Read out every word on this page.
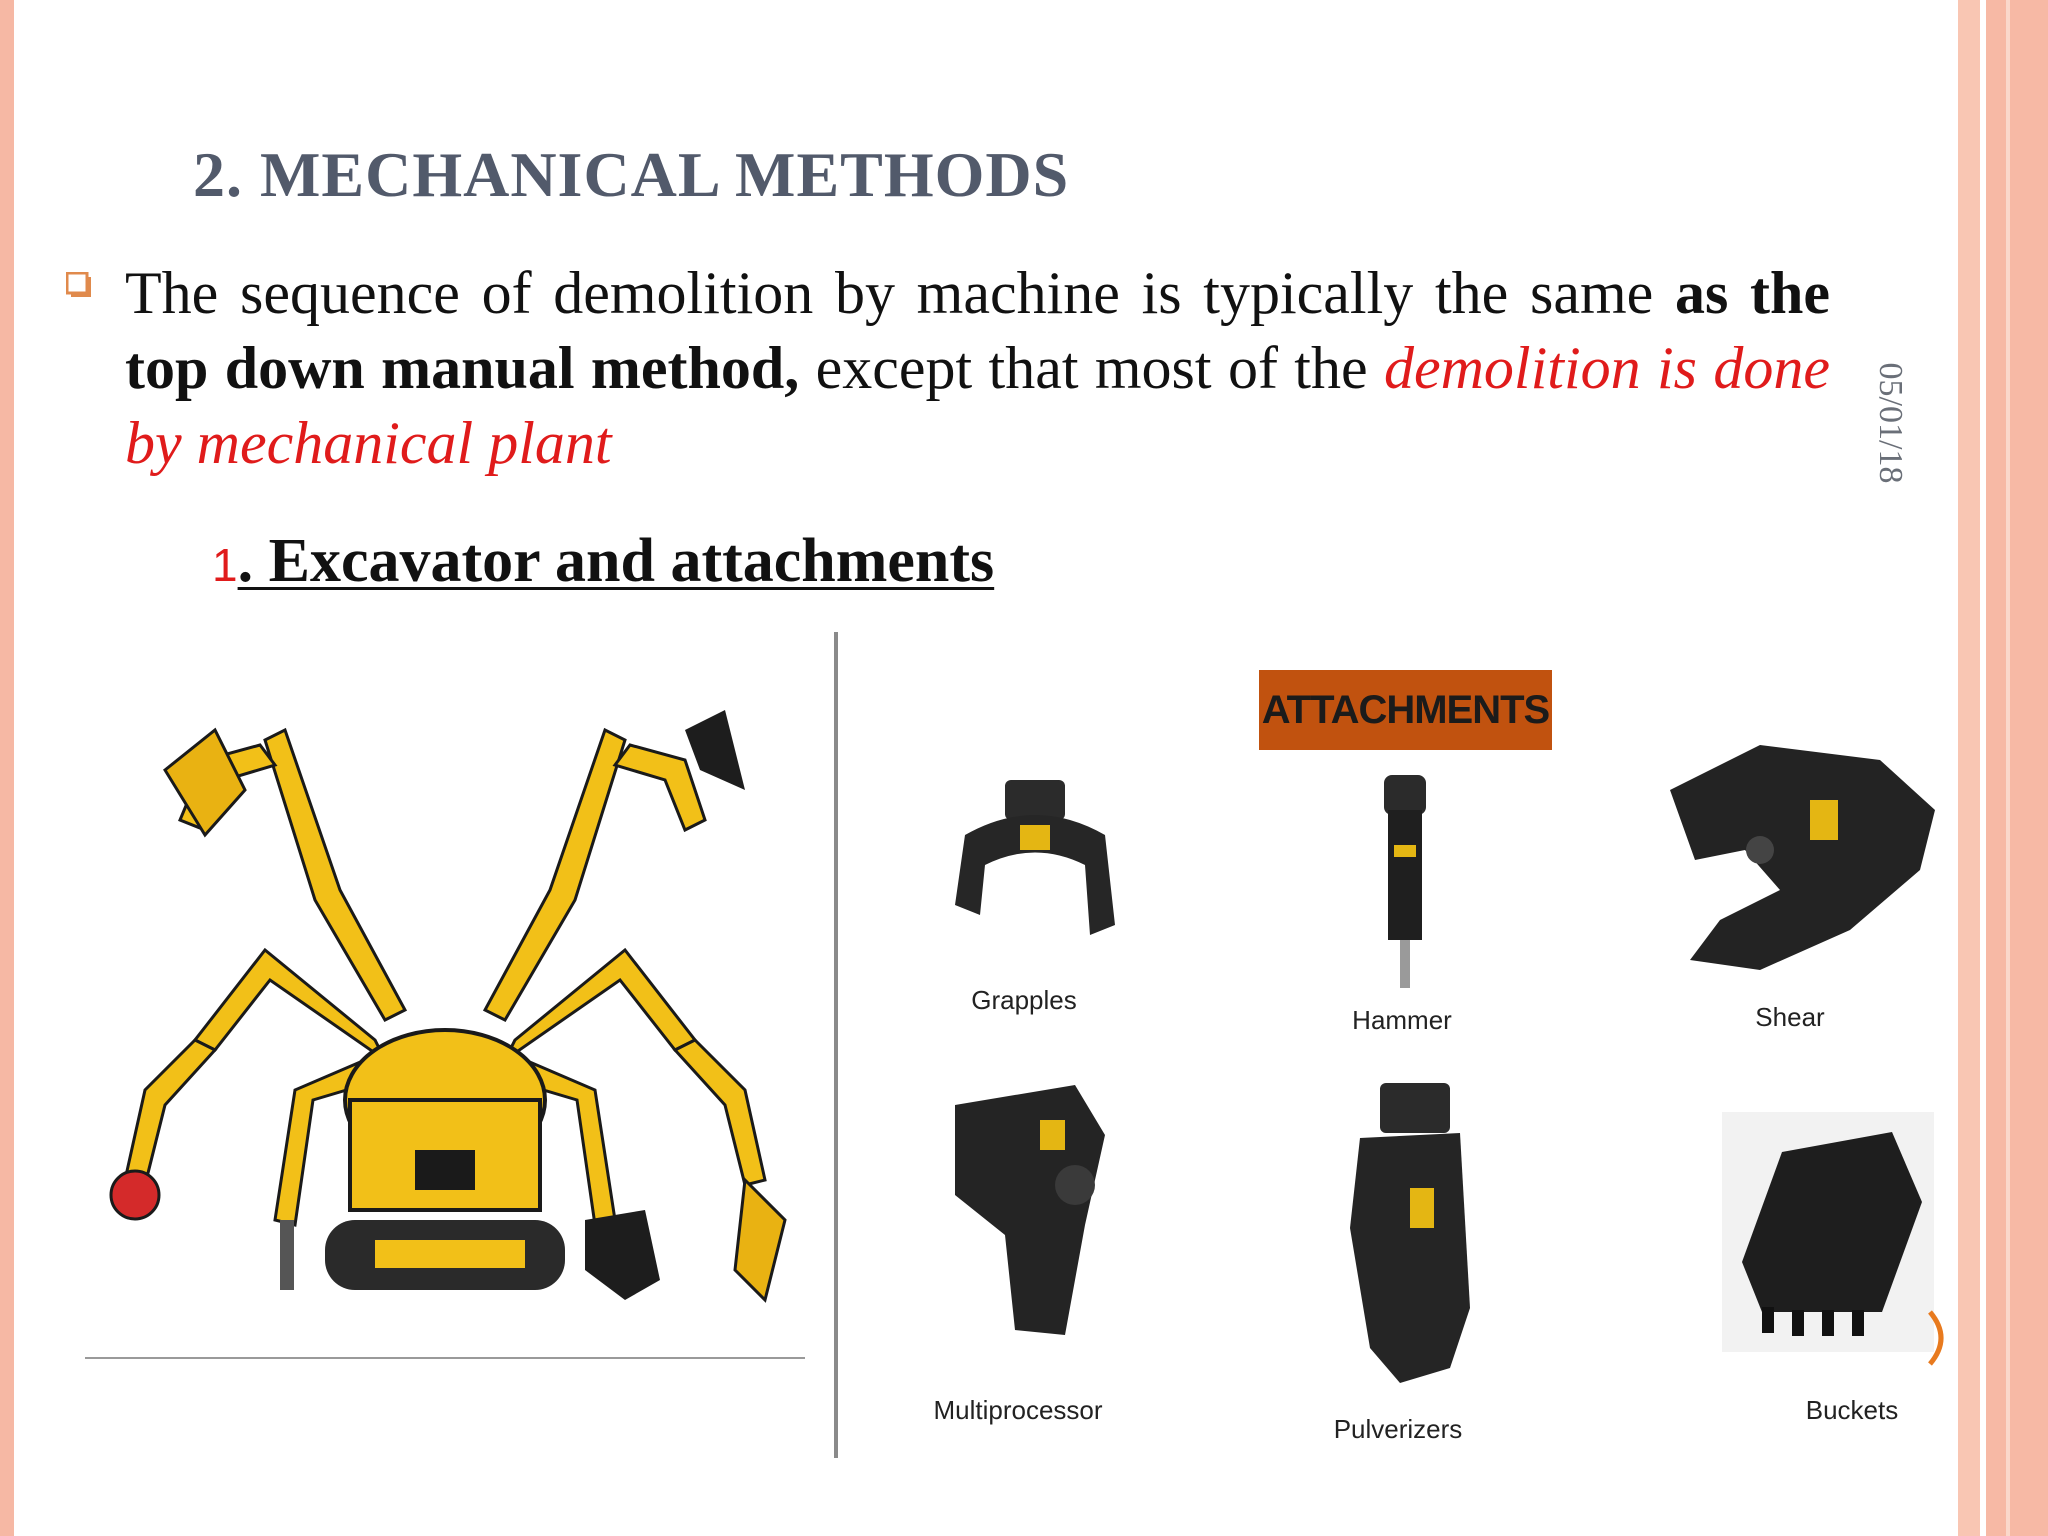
2. MECHANICAL METHODS

The sequence of demolition by machine is typically the same as the top down manual method, except that most of the demolition is done by mechanical plant	05/01/18
1. Excavator and attachments
ATTACHMENTS
Grapples
Hammer	Shear
Multiprocessor
Pulverizers
Buckets
